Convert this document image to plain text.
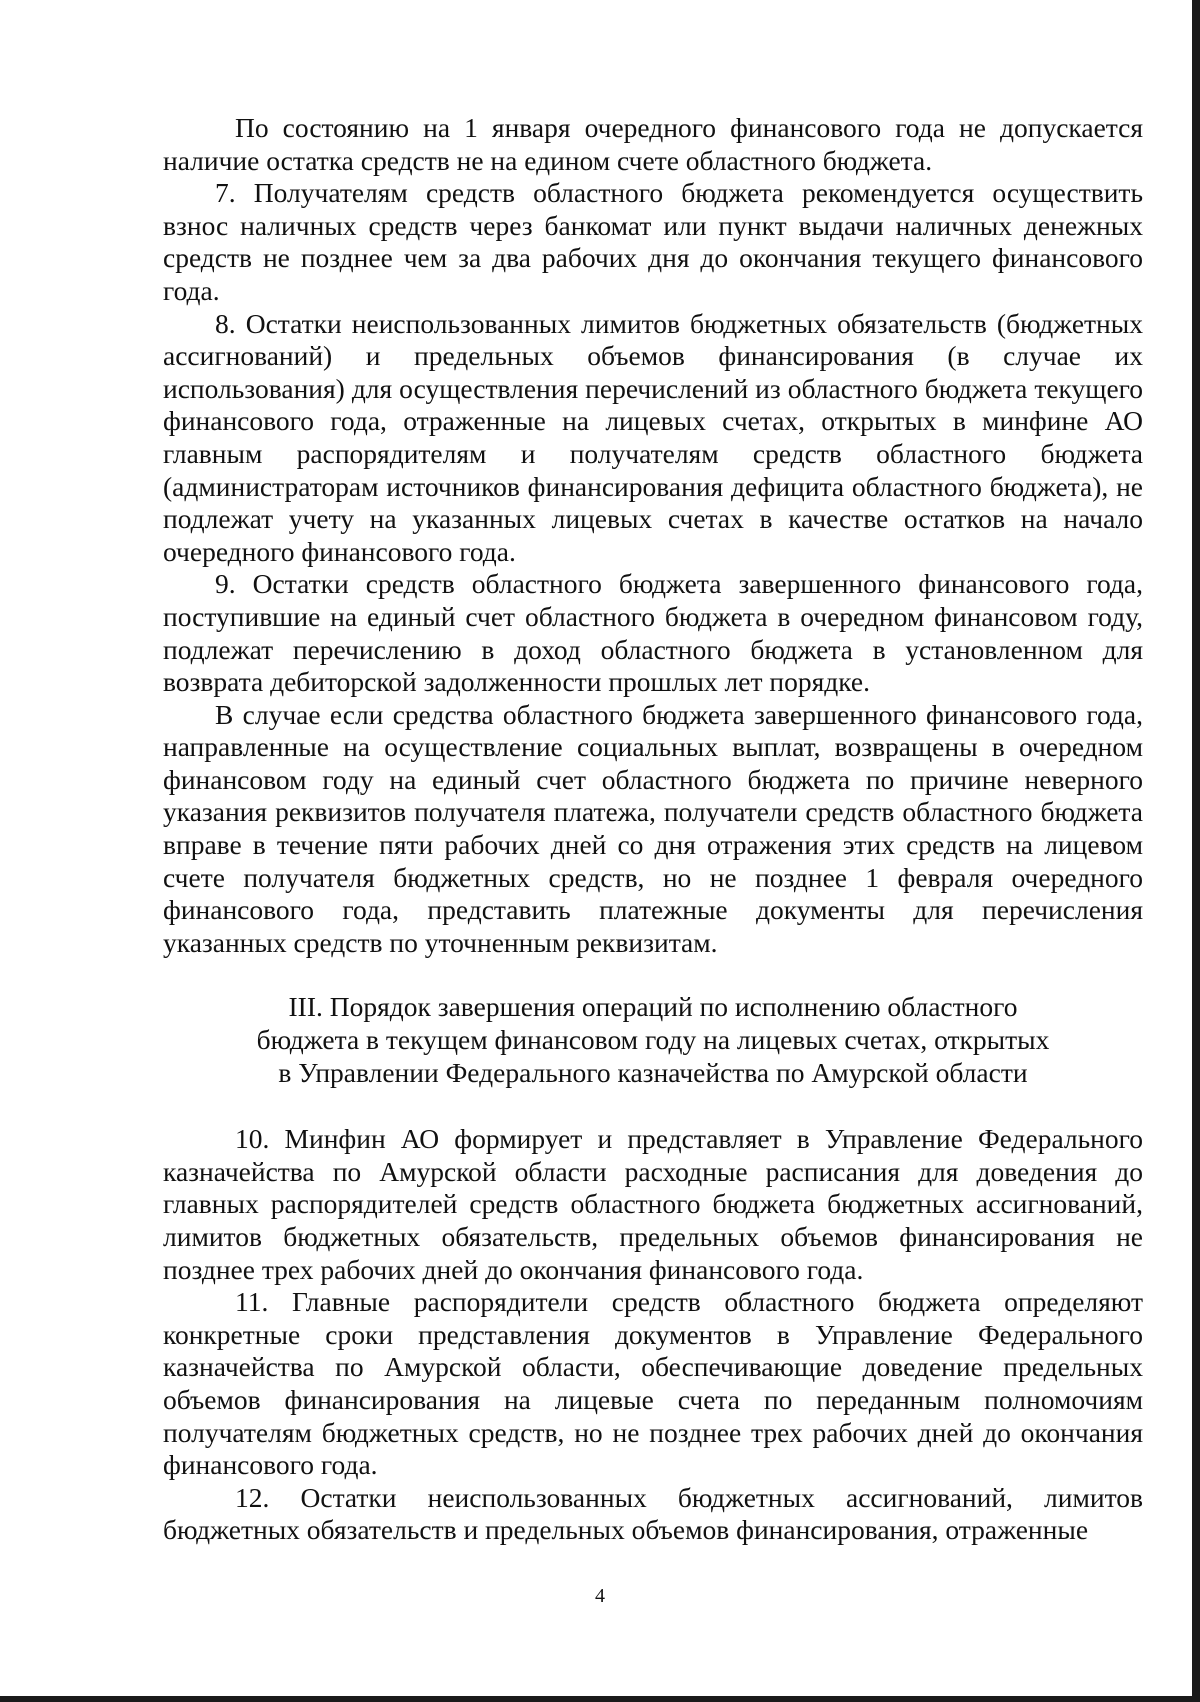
По состоянию на 1 января очередного финансового года не допускается наличие остатка средств не на едином счете областного бюджета.

7. Получателям средств областного бюджета рекомендуется осуществить взнос наличных средств через банкомат или пункт выдачи наличных денежных средств не позднее чем за два рабочих дня до окончания текущего финансового года.

8. Остатки неиспользованных лимитов бюджетных обязательств (бюджетных ассигнований) и предельных объемов финансирования (в случае их использования) для осуществления перечислений из областного бюджета текущего финансового года, отраженные на лицевых счетах, открытых в минфине АО главным распорядителям и получателям средств областного бюджета (администраторам источников финансирования дефицита областного бюджета), не подлежат учету на указанных лицевых счетах в качестве остатков на начало очередного финансового года.

9. Остатки средств областного бюджета завершенного финансового года, поступившие на единый счет областного бюджета в очередном финансовом году, подлежат перечислению в доход областного бюджета в установленном для возврата дебиторской задолженности прошлых лет порядке.

В случае если средства областного бюджета завершенного финансового года, направленные на осуществление социальных выплат, возвращены в очередном финансовом году на единый счет областного бюджета по причине неверного указания реквизитов получателя платежа, получатели средств областного бюджета вправе в течение пяти рабочих дней со дня отражения этих средств на лицевом счете получателя бюджетных средств, но не позднее 1 февраля очередного финансового года, представить платежные документы для перечисления указанных средств по уточненным реквизитам.

III. Порядок завершения операций по исполнению областного
бюджета в текущем финансовом году на лицевых счетах, открытых
в Управлении Федерального казначейства по Амурской области

10. Минфин АО формирует и представляет в Управление Федерального казначейства по Амурской области расходные расписания для доведения до главных распорядителей средств областного бюджета бюджетных ассигнований, лимитов бюджетных обязательств, предельных объемов финансирования не позднее трех рабочих дней до окончания финансового года.

11. Главные распорядители средств областного бюджета определяют конкретные сроки представления документов в Управление Федерального казначейства по Амурской области, обеспечивающие доведение предельных объемов финансирования на лицевые счета по переданным полномочиям получателям бюджетных средств, но не позднее трех рабочих дней до окончания финансового года.

12. Остатки неиспользованных бюджетных ассигнований, лимитов бюджетных обязательств и предельных объемов финансирования, отраженные

4
